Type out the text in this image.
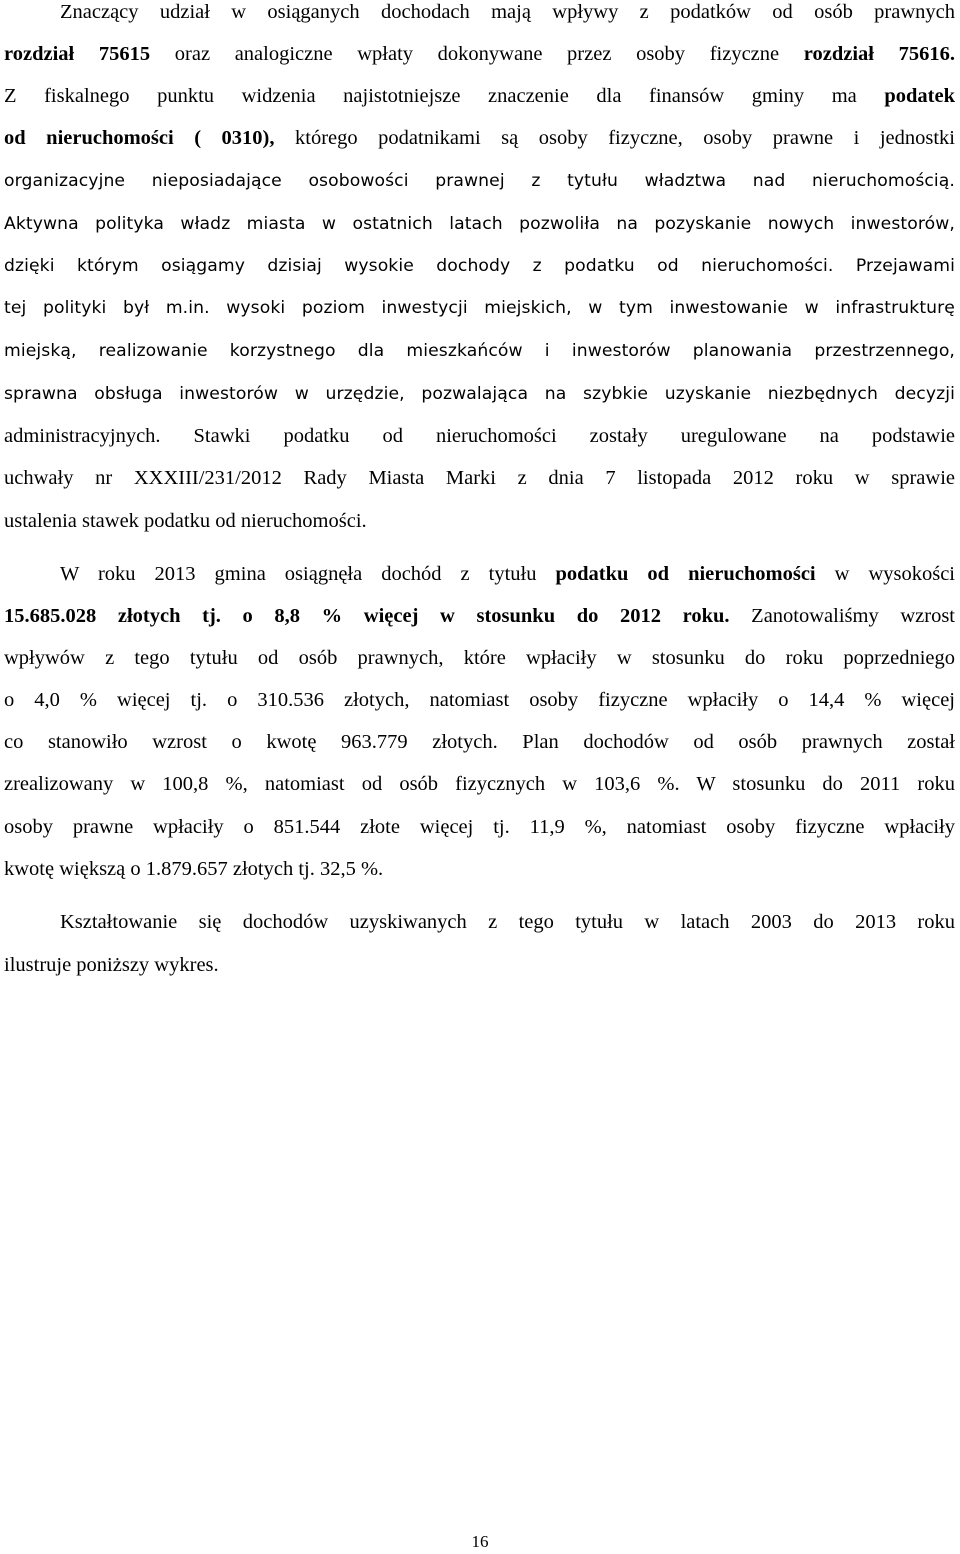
Znaczący udział w osiąganych dochodach mają wpływy z podatków od osób prawnych
rozdział 75615 oraz analogiczne wpłaty dokonywane przez osoby fizyczne rozdział 75616.
Z fiskalnego punktu widzenia najistotniejsze znaczenie dla finansów gminy ma podatek
od nieruchomości ( 0310), którego podatnikami są osoby fizyczne, osoby prawne i jednostki
organizacyjne nieposiadające osobowości prawnej z tytułu władztwa nad nieruchomością.
Aktywna polityka władz miasta w ostatnich latach pozwoliła na pozyskanie nowych inwestorów,
dzięki którym osiągamy dzisiaj wysokie dochody z podatku od nieruchomości. Przejawami
tej polityki był m.in. wysoki poziom inwestycji miejskich, w tym inwestowanie w infrastrukturę
miejską, realizowanie korzystnego dla mieszkańców i inwestorów planowania przestrzennego,
sprawna obsługa inwestorów w urzędzie, pozwalająca na szybkie uzyskanie niezbędnych decyzji
administracyjnych. Stawki podatku od nieruchomości zostały uregulowane na podstawie
uchwały nr XXXIII/231/2012 Rady Miasta Marki z dnia 7 listopada 2012 roku w sprawie
ustalenia stawek podatku od nieruchomości.
W roku 2013 gmina osiągnęła dochód z tytułu podatku od nieruchomości w wysokości
15.685.028 złotych tj. o 8,8 % więcej w stosunku do 2012 roku. Zanotowaliśmy wzrost
wpływów z tego tytułu od osób prawnych, które wpłaciły w stosunku do roku poprzedniego
o 4,0 % więcej tj. o 310.536 złotych, natomiast osoby fizyczne wpłaciły o 14,4 % więcej
co stanowiło wzrost o kwotę 963.779 złotych. Plan dochodów od osób prawnych został
zrealizowany w 100,8 %, natomiast od osób fizycznych w 103,6 %. W stosunku do 2011 roku
osoby prawne wpłaciły o 851.544 złote więcej tj. 11,9 %, natomiast osoby fizyczne wpłaciły
kwotę większą o 1.879.657 złotych tj. 32,5 %.
Kształtowanie się dochodów uzyskiwanych z tego tytułu w latach 2003 do 2013 roku
ilustruje poniższy wykres.
16
